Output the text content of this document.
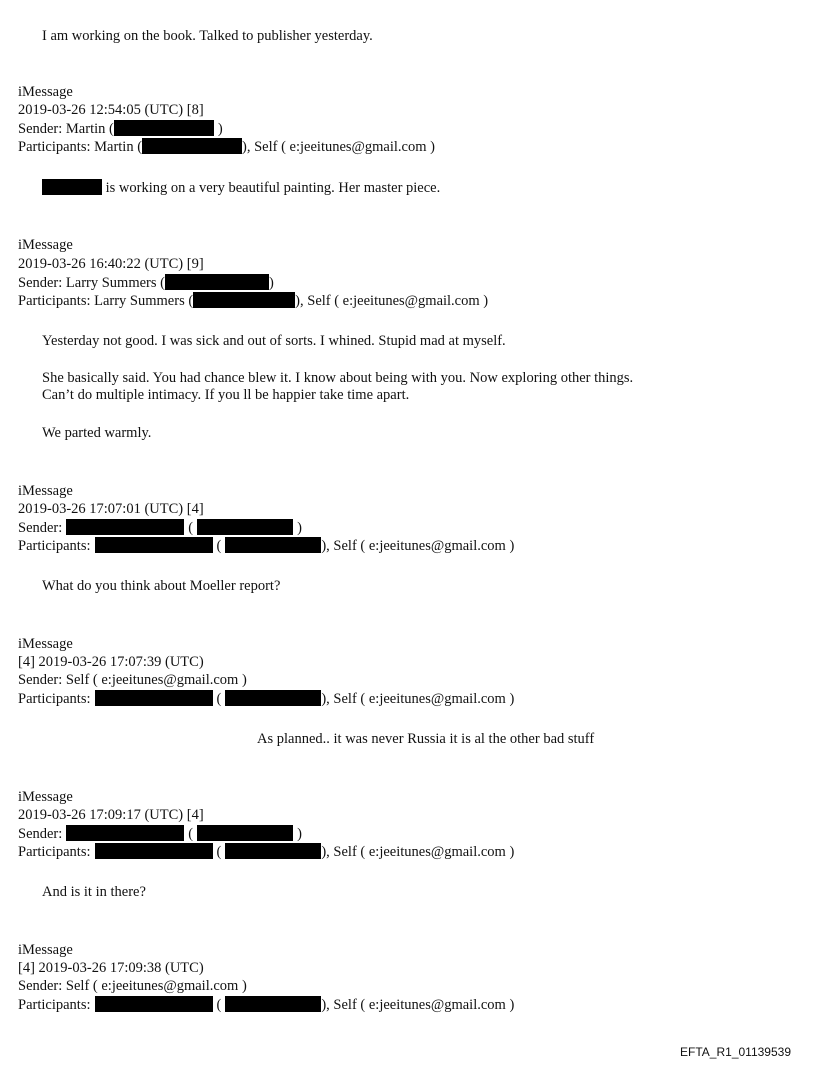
I am working on the book. Talked to publisher yesterday.
iMessage
2019-03-26 12:54:05 (UTC) [8]
Sender: Martin (	)
Participants: Martin (	), Self ( e:jeeitunes@gmail.com )
is working on a very beautiful painting. Her master piece.
iMessage
2019-03-26 16:40:22 (UTC) [9]
Sender: Larry Summers (	)
Participants: Larry Summers (	), Self ( e:jeeitunes@gmail.com )
Yesterday not good. I was sick and out of sorts. I whined. Stupid mad at myself.
She basically said. You had chance blew it. I know about being with you. Now exploring other things. Can’t do multiple intimacy. If you ll be happier take time apart.
We parted warmly.
iMessage
2019-03-26 17:07:01 (UTC) [4]
Sender:	(	)
Participants:	(	), Self ( e:jeeitunes@gmail.com )
What do you think about Moeller report?
iMessage
[4] 2019-03-26 17:07:39 (UTC)
Sender: Self ( e:jeeitunes@gmail.com )
Participants:	(	), Self ( e:jeeitunes@gmail.com )
As planned.. it was never Russia it is al the other bad stuff
iMessage
2019-03-26 17:09:17 (UTC) [4]
Sender:	(	)
Participants:	(	), Self ( e:jeeitunes@gmail.com )
And is it in there?
iMessage
[4] 2019-03-26 17:09:38 (UTC)
Sender: Self ( e:jeeitunes@gmail.com )
Participants:	(	), Self ( e:jeeitunes@gmail.com )
EFTA_R1_01139539
